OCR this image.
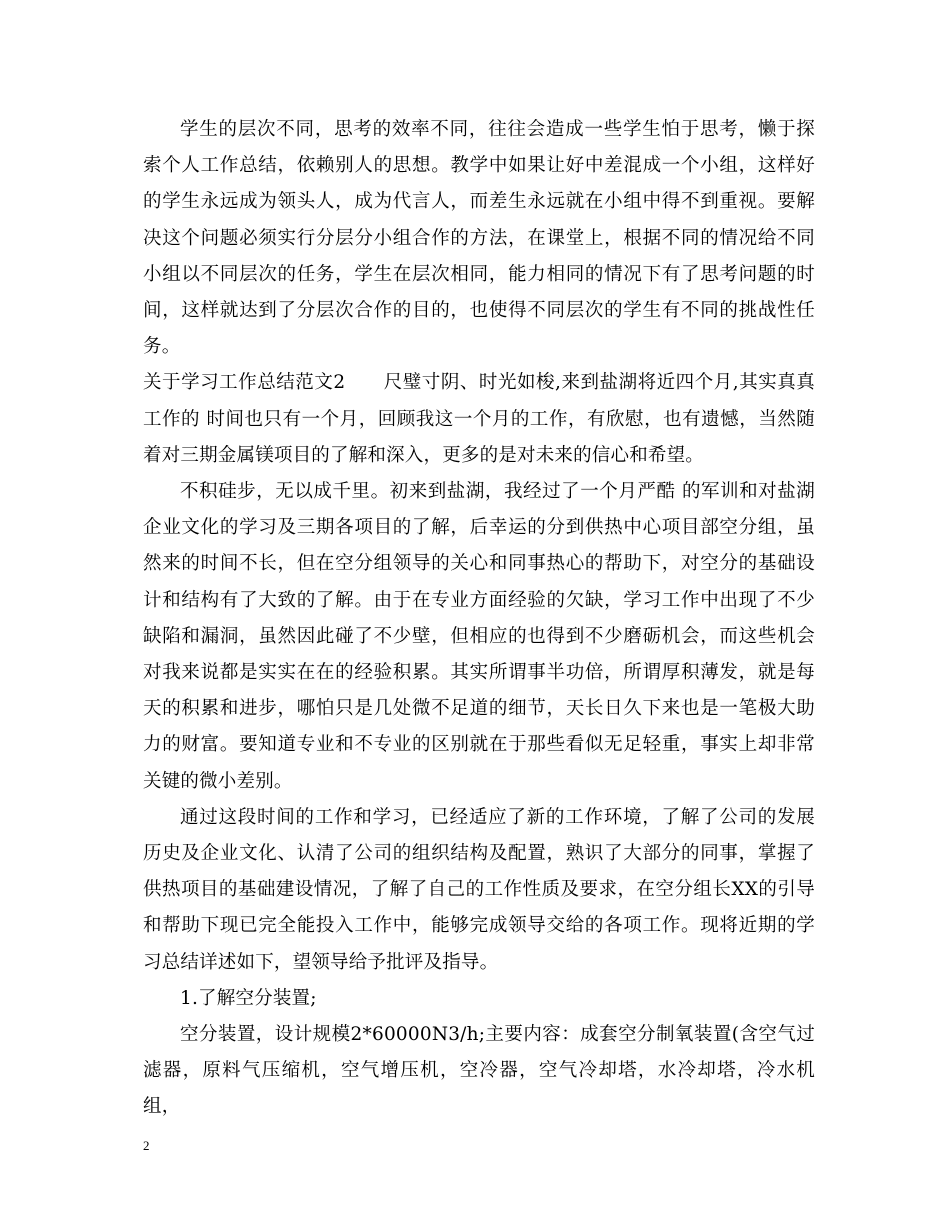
学生的层次不同，思考的效率不同，往往会造成一些学生怕于思考，懒于探索个人工作总结，依赖别人的思想。教学中如果让好中差混成一个小组，这样好的学生永远成为领头人，成为代言人，而差生永远就在小组中得不到重视。要解决这个问题必须实行分层分小组合作的方法，在课堂上，根据不同的情况给不同小组以不同层次的任务，学生在层次相同，能力相同的情况下有了思考问题的时间，这样就达到了分层次合作的目的，也使得不同层次的学生有不同的挑战性任务。

关于学习工作总结范文2　　尺璧寸阴、时光如梭,来到盐湖将近四个月,其实真真工作的 时间也只有一个月，回顾我这一个月的工作，有欣慰，也有遗憾，当然随着对三期金属镁项目的了解和深入，更多的是对未来的信心和希望。

不积硅步，无以成千里。初来到盐湖，我经过了一个月严酷 的军训和对盐湖企业文化的学习及三期各项目的了解，后幸运的分到供热中心项目部空分组，虽然来的时间不长，但在空分组领导的关心和同事热心的帮助下，对空分的基础设计和结构有了大致的了解。由于在专业方面经验的欠缺，学习工作中出现了不少缺陷和漏洞，虽然因此碰了不少壁，但相应的也得到不少磨砺机会，而这些机会对我来说都是实实在在的经验积累。其实所谓事半功倍，所谓厚积薄发，就是每天的积累和进步，哪怕只是几处微不足道的细节，天长日久下来也是一笔极大助力的财富。要知道专业和不专业的区别就在于那些看似无足轻重，事实上却非常关键的微小差别。

通过这段时间的工作和学习，已经适应了新的工作环境，了解了公司的发展历史及企业文化、认清了公司的组织结构及配置，熟识了大部分的同事，掌握了供热项目的基础建设情况，了解了自己的工作性质及要求，在空分组长XX的引导和帮助下现已完全能投入工作中，能够完成领导交给的各项工作。现将近期的学习总结详述如下，望领导给予批评及指导。

1.了解空分装置;

空分装置，设计规模2*60000N3/h;主要内容：成套空分制氧装置(含空气过滤器，原料气压缩机，空气增压机，空冷器，空气冷却塔，水冷却塔，冷水机组，

2
